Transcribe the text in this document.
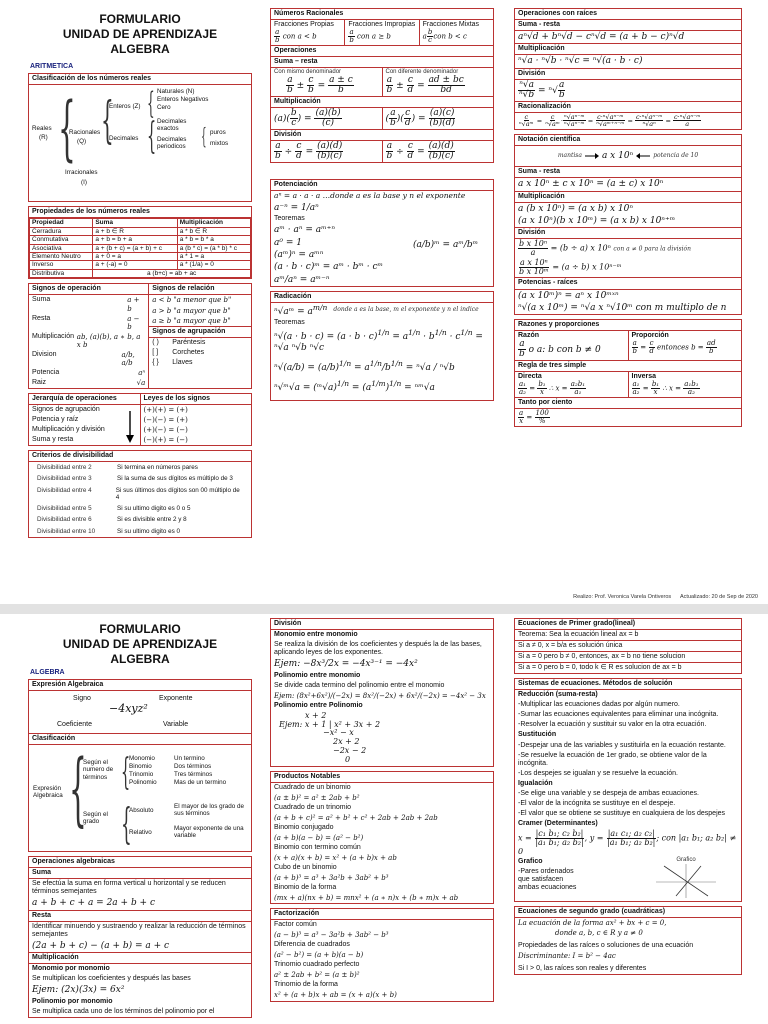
FORMULARIO
UNIDAD DE APRENDIZAJE
ALGEBRA
ARITMETICA
Clasificación de los números reales
Reales
(R) {
Racionales
(Q) {
Enteros (Z) { Naturales (N)
Enteros Negativos
Cero
Decimales { Decimales exactos
Decimales periodicos { puros
mixtos
Irracionales
(I)
Propiedades de los números reales
Propiedad	Suma	Multiplicación
Cerradura	a + b ∈ R	a * b ∈ R
Conmutativa	a + b = b + a	a * b = b * a
Asociativa	a + (b + c) = (a + b) + c	a (b * c) = (a * b) * c
Elemento Neutro	a + 0 = a	a * 1 = a
Inverso	a + (-a) = 0	a * (1/a) = 0
Distributiva	a (b+c) = ab + ac	
Signos de operación
Suma	a + b
Resta	a − b
Multiplicación ab, (a)(b), a ∗ b, a x b
Division	a/b, a/b
Potencia	aⁿ
Raiz	√a
Signos de relación
a < b "a menor que b"
a > b "a mayor que b"
a ≥ b "a mayor que b"
Signos de agrupación
( ) Paréntesis
[ ] Corchetes
{ } Llaves
Jerarquía de operaciones
Signos de agrupación
Potencia y raíz
Multiplicación y división
Suma y resta
Leyes de los signos
(+)(+) = (+)
(−)(−) = (+)
(+)(−) = (−)
(−)(+) = (−)
Criterios de divisibilidad
Divisibilidad entre 2	Si termina en números pares
Divisibilidad entre 3	Si la suma de sus dígitos es múltiplo de 3
Divisibilidad entre 4	Si sus últimos dos dígitos son 00 múltiplo de 4
Divisibilidad entre 5	Si su ultimo digito es 0 o 5
Divisibilidad entre 6	Si es divisible entre 2 y 8
Divisibilidad entre 10	Si su ultimo digito es 0
Números Racionales
Fracciones Propias
$\frac{a}{b}$ con a < b
Fracciones Impropias
$\frac{a}{b}$ con a ≥ b
Fracciones Mixtas
a $\frac{b}{c}$ con b < c
Operaciones
Suma – resta
Con mismo denominador
$\frac{a}{b} \pm \frac{c}{b} = \frac{a \pm c}{b}$
Con diferente denominador
$\frac{a}{b} \pm \frac{c}{d} = \frac{ad \pm bc}{bd}$
Multiplicación
$(a)( \frac{b}{c}$ ) = $\frac{(a)(b)}{(c)}$	( $\frac{a}{b}$ )( $\frac{c}{d}$ ) = $\frac{(a)(c)}{(b)(d)}$
División
$\frac{a}{b} \div \frac{c}{d} = \frac{(a)(d)}{(b)(c)}$	$\frac{a}{b} \div \frac{c}{d} = \frac{(a)(d)}{(b)(c)}$
Potenciación
aⁿ = a · a · a …donde a es la base y n el exponente
a⁻ⁿ = 1/aⁿ
Teoremas
aᵐ · aⁿ = aᵐ⁺ⁿ
a⁰ = 1
(aᵐ)ⁿ = aᵐⁿ
(a · b · c)ᵐ = aᵐ · bᵐ · cᵐ
aᵐ/aⁿ = aᵐ⁻ⁿ
(a/b)ᵐ = aᵐ/bᵐ
Radicación
ⁿ√aᵐ = $a^{m/n}$ donde a es la base, m el exponente y n el indice
Teoremas
$^n√(a \cdot b \cdot c) = (a \cdot b \cdot c)^{1/n} = a^{1/n} \cdot b^{1/n} \cdot c^{1/n} = ^n√a$ ⁿ√b ⁿ√c
$^n√(a/b) = (a/b)^{1/n} = a^{1/n}/b^{1/n} = ^n√a / ^n√b$
ⁿ√ᵐ√a = (ᵐ√a)$^{1/n}$ = $(a^{1/m})^{1/n}$ = ⁿᵐ√a
Operaciones con raíces
Suma - resta
aⁿ√d + bⁿ√d − cⁿ√d = (a + b − c)ⁿ√d
Multiplicación
ⁿ√a · ⁿ√b · ⁿ√c = ⁿ√(a · b · c)
División
$\frac{\text{ⁿ√a}}{\text{ⁿ√b}} = ^n√ \frac{a}{b}$
Racionalización
$\frac{c}{\text{ⁿ√aᵐ}} = \frac{c}{\text{ⁿ√aᵐ}} \cdot \frac{\text{ⁿ√aⁿ⁻ᵐ}}{\text{ⁿ√aⁿ⁻ᵐ}} = \frac{\text{c·ⁿ√aⁿ⁻ᵐ}}{\text{ⁿ√aᵐ⁺ⁿ⁻ᵐ}} = \frac{\text{c·ⁿ√aⁿ⁻ᵐ}}{\text{ⁿ√aⁿ}} = \frac{\text{c·ⁿ√aⁿ⁻ᵐ}}{a}$
Notación científica
mantisa a x 10ⁿ	potencia de 10
Suma - resta
a x 10ⁿ ± c x 10ⁿ = (a ± c) x 10ⁿ
Multiplicación
a (b x 10ⁿ) = (a x b) x 10ⁿ
(a x 10ⁿ)(b x 10ᵐ) = (a x b) x 10ⁿ⁺ᵐ
División
$\frac{\text{b x 10ⁿ}}{a} = (b \div a)$ x 10ⁿ con a ≠ 0 para la división
$\frac{\text{a x 10ⁿ}}{\text{b x 10ᵐ}} = (a \div b)$ x 10ⁿ⁻ᵐ
Potencias - raíces
(a x 10ᵐ)ⁿ = aⁿ x 10ᵐˣⁿ
ⁿ√(a x 10ᵐ) = ⁿ√a x ⁿ√10ᵐ con m multiplo de n
Razones y proporciones
Razón
$\frac{a}{b}$ o a: b con b ≠ 0
Proporción
$\frac{a}{b} = \frac{c}{d}$ entonces $b = \frac{ad}{b}$
Regla de tres simple
Directa
$\frac{\text{a₁}}{\text{a₂}} = \frac{\text{b₁}}{x}$ ∴ $x = \frac{\text{a₂b₁}}{\text{a₁}}$
Inversa
$\frac{\text{a₁}}{\text{a₂}} = \frac{\text{b₁}}{x}$ ∴ $x = \frac{\text{a₁b₁}}{\text{a₂}}$
Tanto por ciento
$\frac{a}{x} = \frac{100}{\%}$
Realizo: Prof. Veronica Varela Ontiveros Actualizado: 20 de Sep de 2020
FORMULARIO
UNIDAD DE APRENDIZAJE
ALGEBRA
ALGEBRA
Expresión Algebraica
Signo	Exponente
−4xyz²
Coeficiente	Variable
Clasificación
Expresión Algebraica {
Según el numero de términos {
Monomio	Un termino
Binomio	Dos términos
Trinomio	Tres términos
Polinomio	Mas de un termino
Según el grado {
Absoluto
El mayor de los grado de sus términos
Relativo
Mayor exponente de una variable
Operaciones algebraicas
Suma
Se efectúa la suma en forma vertical u horizontal y se reducen términos semejantes
a + b + c + a = 2a + b + c
Resta
Identificar minuendo y sustraendo y realizar la reducción de términos semejantes
(2a + b + c) − (a + b) = a + c
Multiplicación
Monomio por monomio
Se multiplican los coeficientes y después las bases
Ejem: (2x)(3x) = 6x²
Polinomio por monomio
Se multiplica cada uno de los términos del polinomio por el
División
Monomio entre monomio
Se realiza la división de los coeficientes y después la de las bases, aplicando leyes de los exponentes.
Ejem: −8x³/2x = −4x³⁻¹ = −4x²
Polinomio entre monomio
Se divide cada termino del polinomio entre el monomio
Ejem: (8x²+6x²)/(−2x) = 8x²/(−2x) + 6x²/(−2x) = −4x² − 3x
Polinomio entre Polinomio
x + 2
Ejem: x + 1 | x² + 3x + 2
−x² − x
2x + 2
−2x − 2
0
Productos Notables
Cuadrado de un binomio
(a ± b)² = a² ± 2ab + b²
Cuadrado de un trinomio
(a + b + c)² = a² + b² + c² + 2ab + 2ab + 2ab
Binomio conjugado
(a + b)(a − b) = (a² − b²)
Binomio con termino común
(x + a)(x + b) = x² + (a + b)x + ab
Cubo de un binomio
(a + b)³ = a³ + 3a²b + 3ab² + b³
Binomio de la forma
(mx + a)(nx + b) = mnx² + (a ∗ n)x + (b ∗ m)x + ab
Factorización
Factor común
(a − b)³ = a³ − 3a²b + 3ab² − b³
Diferencia de cuadrados
(a² − b²) = (a + b)(a − b)
Trinomio cuadrado perfecto
a² ± 2ab + b² = (a ± b)²
Trinomio de la forma
x² + (a + b)x + ab = (x + a)(x + b)
Ecuaciones de Primer grado(lineal)
Teorema: Sea la ecuación lineal ax = b
Si a ≠ 0, x = b/a es solución única
Si a = 0 pero b ≠ 0, entonces, ax = b no tiene solucion
Si a = 0 pero b = 0, todo k ∈ R es solucion de ax = b
Sistemas de ecuaciones. Métodos de solución
Reducción (suma-resta)
-Multiplicar las ecuaciones dadas por algún numero.
-Sumar las ecuaciones equivalentes para eliminar una incógnita.
-Resolver la ecuación y sustituir su valor en la otra ecuación.
Sustitución
-Despejar una de las variables y sustituirla en la ecuación restante.
-Se resuelve la ecuación de 1er grado, se obtiene valor de la incógnita.
-Los despejes se igualan y se resuelve la ecuación.
Igualación
-Se elige una variable y se despeja de ambas ecuaciones.
-El valor de la incógnita se sustituye en el despeje.
-El valor que se obtiene se sustituye en cualquiera de los despejes
Cramer (Determinantes)
$x = \frac{\text{|c₁ b₁; c₂ b₂|}}{\text{|a₁ b₁; a₂ b₂|}}$ , $y = \frac{\text{|a₁ c₁; a₂ c₂|}}{\text{|a₁ b₁; a₂ b₂|}}$ ; con |a₁ b₁; a₂ b₂| ≠ 0
Grafico
-Pares ordenados que satisfacen ambas ecuaciones
Grafico
Ecuaciones de segundo grado (cuadráticas)
La ecuación de la forma ax² + bx + c = 0,
donde a, b, c ∈ R y a ≠ 0
Propiedades de las raíces o soluciones de una ecuación
Discriminante: I = b² − 4ac
Si I > 0, las raíces son reales y diferentes
